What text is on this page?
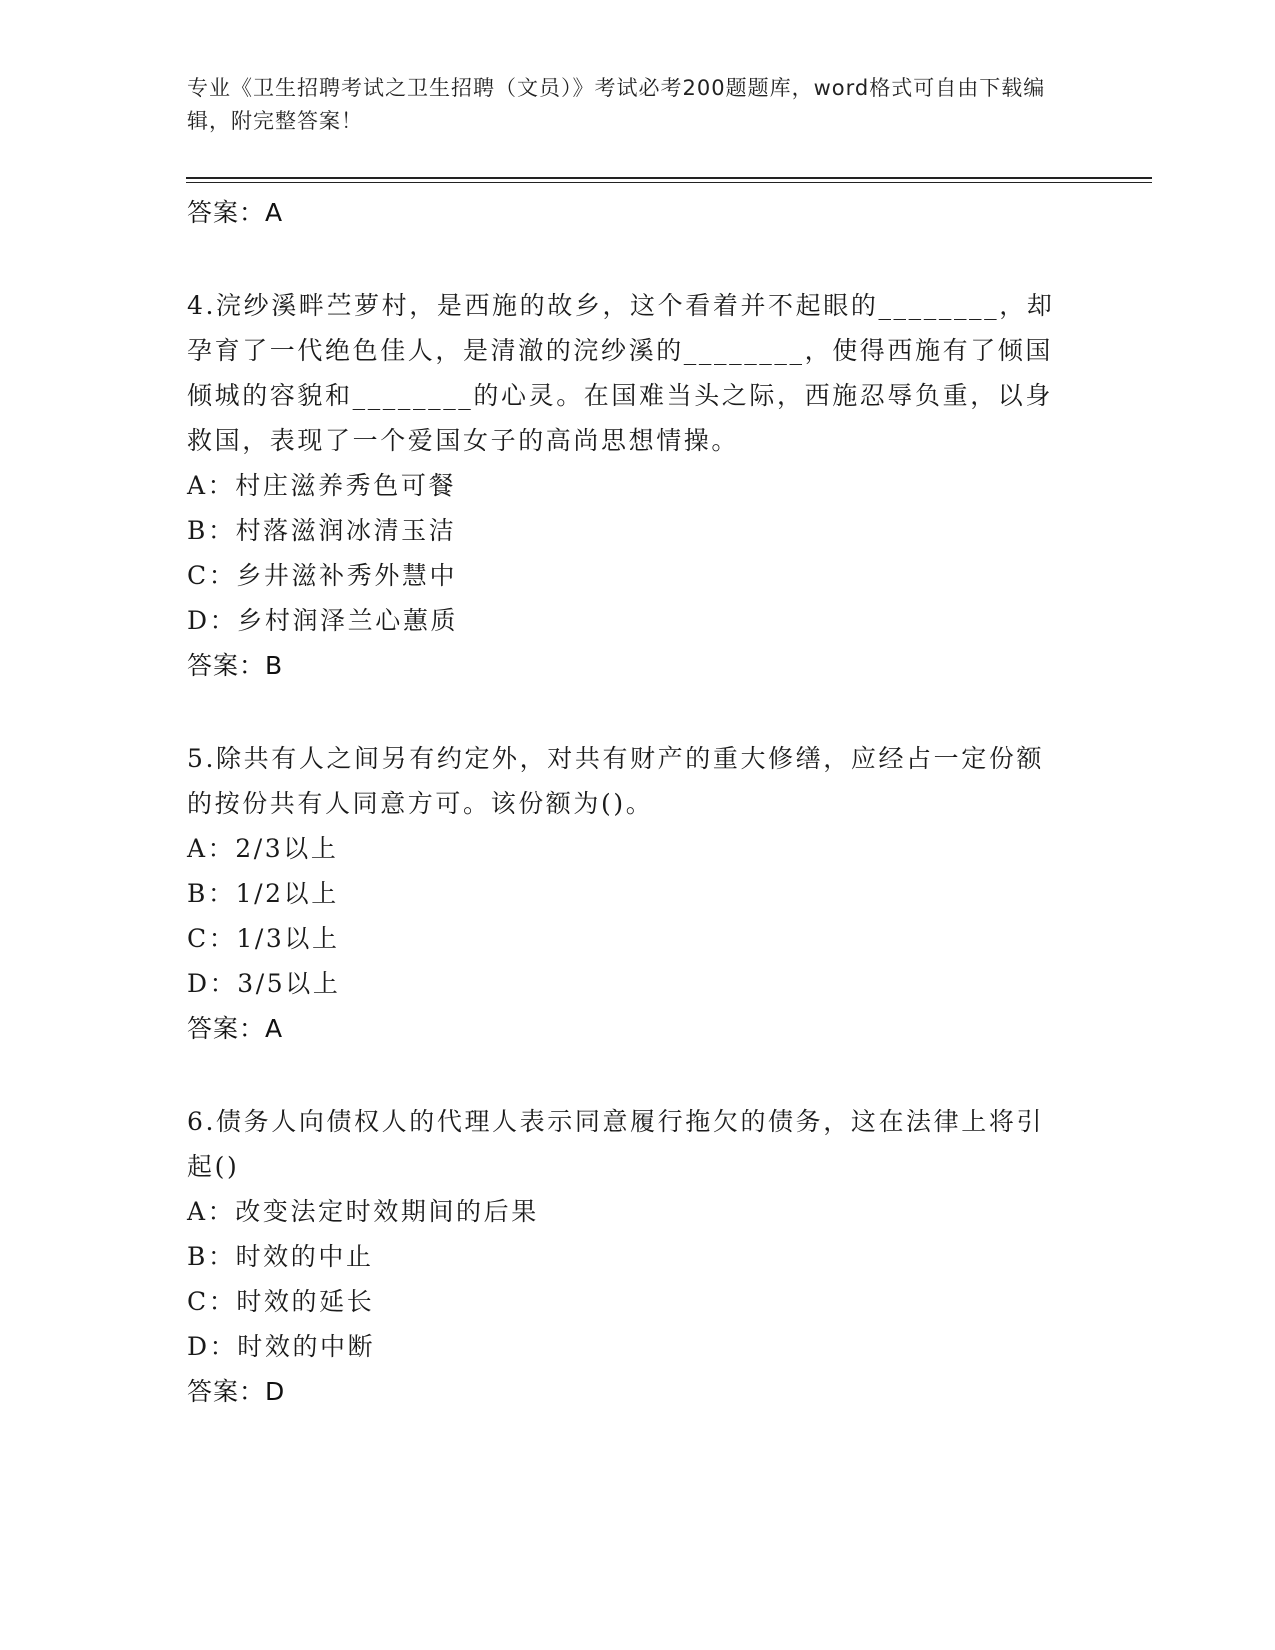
专业《卫生招聘考试之卫生招聘（文员）》考试必考200题题库，word格式可自由下载编辑，附完整答案！
答案：A
4.浣纱溪畔苎萝村，是西施的故乡，这个看着并不起眼的________，却孕育了一代绝色佳人，是清澈的浣纱溪的________，使得西施有了倾国倾城的容貌和________的心灵。在国难当头之际，西施忍辱负重，以身救国，表现了一个爱国女子的高尚思想情操。
A：村庄滋养秀色可餐
B：村落滋润冰清玉洁
C：乡井滋补秀外慧中
D：乡村润泽兰心蕙质
答案：B
5.除共有人之间另有约定外，对共有财产的重大修缮，应经占一定份额的按份共有人同意方可。该份额为()。
A：2/3以上
B：1/2以上
C：1/3以上
D：3/5以上
答案：A
6.债务人向债权人的代理人表示同意履行拖欠的债务，这在法律上将引起()
A：改变法定时效期间的后果
B：时效的中止
C：时效的延长
D：时效的中断
答案：D
